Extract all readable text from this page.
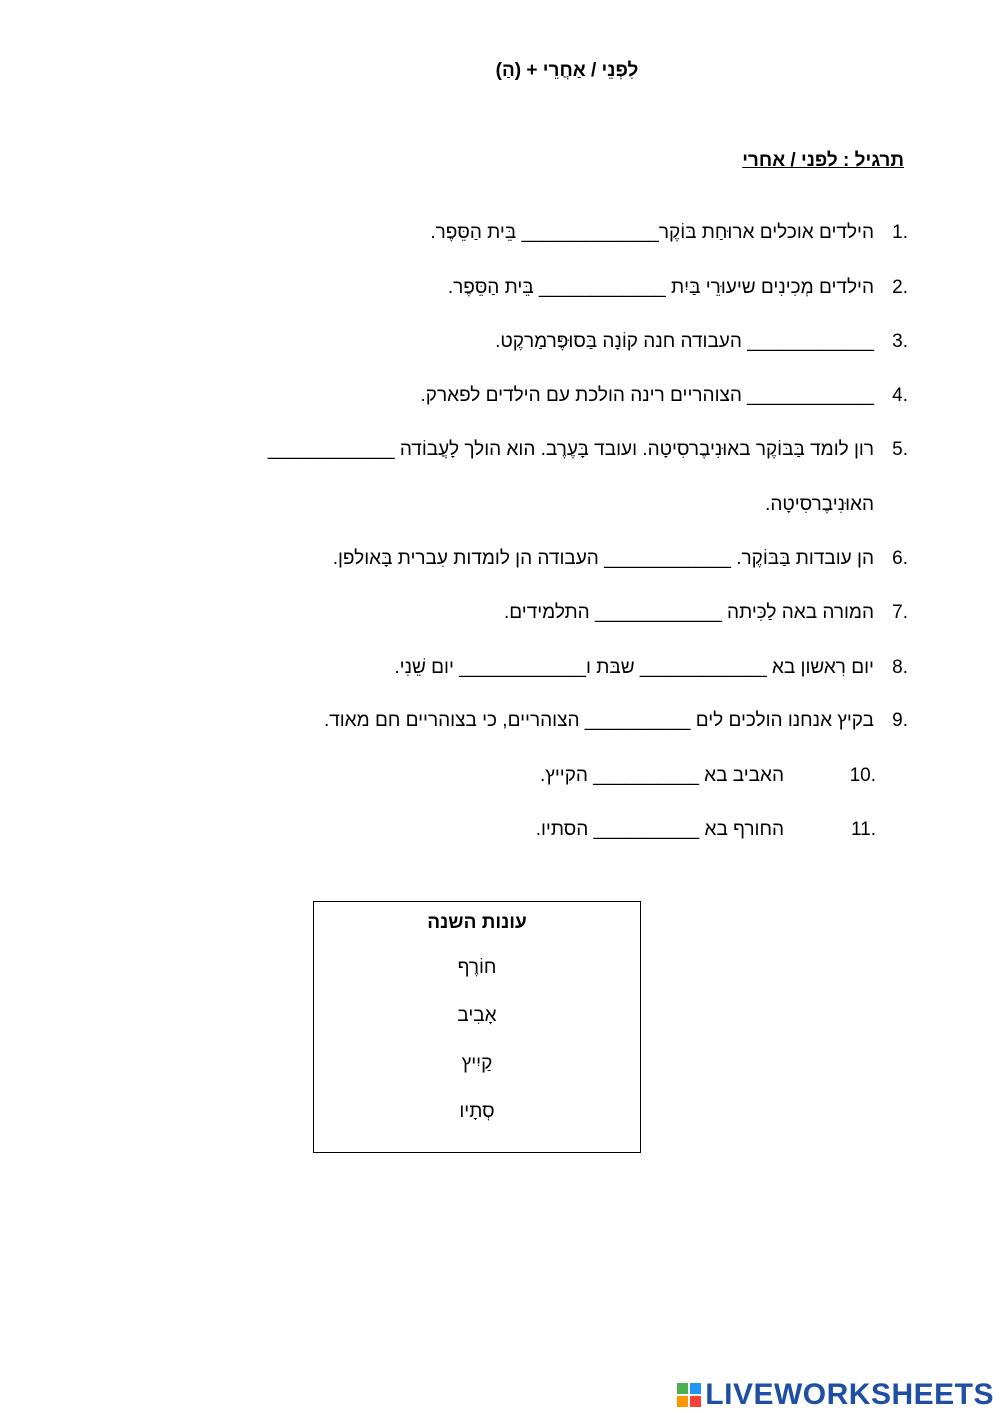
לִפְנֵי / אַחֲרֵי + (הַ)
תרגיל : לפני / אחרי
1.
הילדים אוכלים ארוּחַת בּוֹקֶר_____________ בֵּית הַסֵּפֶר.
2.
הילדים מְכִינִים שיעוּרֵי בַּיִת ____________ בֵּית הַסֵּפֶר.
3.
____________ העבודה חנה קוֹנָה בַּסוּפֶּרמַרקֶט.
4.
____________ הצוהריים רינה הולכת עם הילדים לפארק.
5.
רון לומד בַּבּוֹקֶר באוּנִיבֶרסִיטָה. ועובד בָּעֶרֶב. הוא הולך לָעֲבוֹדה ____________
האוּנִיבֶרסִיטָה.
6.
הן עובדות בַּבּוֹקֶר. ____________ העבודה הן לומדות עִברית בָּאולפן.
7.
המורה באה לַכִּיתה ____________ התלמידים.
8.
יום רִאשון בא ____________ שבּת ו____________ יום שֵׁנִי.
9.
בקיץ אנחנו הולכים לים __________ הצוהריים, כי בצוהריים חם מאוד.
10.
האביב בא __________ הקייץ.
11.
החורף בא __________ הסתיו.
עונות השנה
חוֹרֶף
אָבִיב
קַיִיץ
סְתָיו
LIVEWORKSHEETS
